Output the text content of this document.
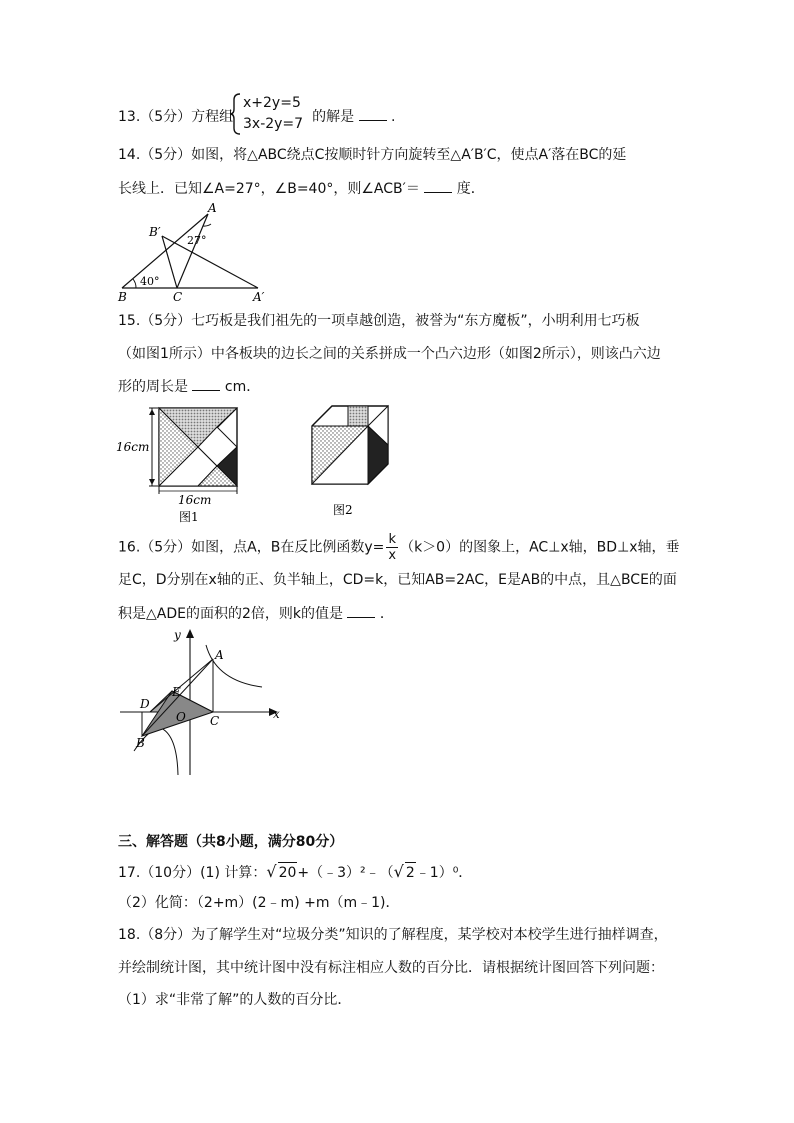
13.（5分）方程组	的解是	.
x+2y=5
3x-2y=7
14.（5分）如图，将△ABC绕点C按顺时针方向旋转至△A′B′C，使点A′落在BC的延
长线上．已知∠A=27°，∠B=40°，则∠ACB′＝	度．
A
B′
27°
40°
B	C	A′
15.（5分）七巧板是我们祖先的一项卓越创造，被誉为“东方魔板”，小明利用七巧板
（如图1所示）中各板块的边长之间的关系拼成一个凸六边形（如图2所示），则该凸六边
形的周长是	cm．
16cm
16cm
图1	图2
16.（5分）如图，点A，B在反比例函数$y= \frac{k}{x} (k>0)$的图象上，AC⊥x轴，BD⊥x轴，垂
足C，D分别在x轴的正、负半轴上，CD=k，已知AB=2AC，E是AB的中点，且△BCE的面
积是△ADE的面积的2倍，则k的值是	．
y
x
A
B
C
D
E
O
三、解答题（共8小题，满分80分）
17.（10分）(1) 计算：√ 20+（﹣3）²﹣（√ 2﹣1）⁰．
（2）化简：（2+m）(2﹣m) +m（m﹣1)．
18.（8分）为了解学生对“垃圾分类”知识的了解程度，某学校对本校学生进行抽样调查，
并绘制统计图，其中统计图中没有标注相应人数的百分比．请根据统计图回答下列问题：
（1）求“非常了解”的人数的百分比．
